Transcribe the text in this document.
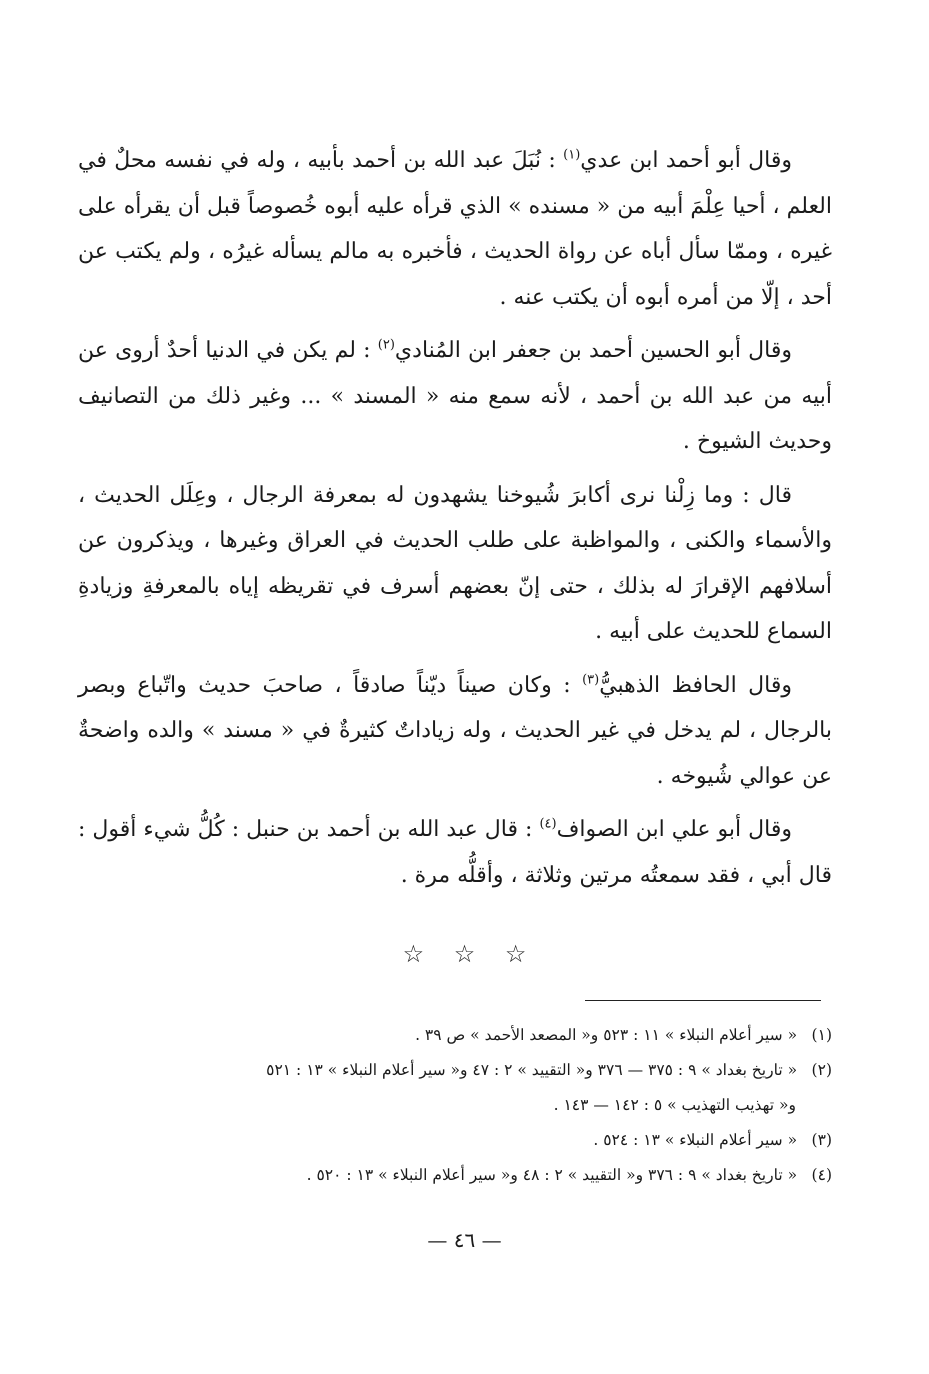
وقال أبو أحمد ابن عدي$^{(١)}$ : نُبَلَ عبد الله بن أحمد بأبيه ، وله في نفسه محلٌ في العلم ، أحيا عِلْمَ أبيه من « مسنده » الذي قرأه عليه أبوه خُصوصاً قبل أن يقرأه على غيره ، وممّا سأل أباه عن رواة الحديث ، فأخبره به مالم يسأله غيرُه ، ولم يكتب عن أحد ، إلّا من أمره أبوه أن يكتب عنه .

وقال أبو الحسين أحمد بن جعفر ابن المُنادي$^{(٢)}$ : لم يكن في الدنيا أحدٌ أروى عن أبيه من عبد الله بن أحمد ، لأنه سمع منه « المسند » ... وغير ذلك من التصانيف وحديث الشيوخ .

قال : وما زِلْنا نرى أكابرَ شُيوخنا يشهدون له بمعرفة الرجال ، وعِلَل الحديث ، والأسماء والكنى ، والمواظبة على طلب الحديث في العراق وغيرها ، ويذكرون عن أسلافهم الإقرارَ له بذلك ، حتى إنّ بعضهم أسرف في تقريظه إياه بالمعرفةِ وزيادةِ السماع للحديث على أبيه .

وقال الحافظ الذهبيُّ$^{(٣)}$ : وكان صيناً ديّناً صادقاً ، صاحبَ حديث واتّباع وبصر بالرجال ، لم يدخل في غير الحديث ، وله زياداتٌ كثيرةٌ في « مسند » والده واضحةٌ عن عوالي شُيوخه .

وقال أبو علي ابن الصواف$^{(٤)}$ : قال عبد الله بن أحمد بن حنبل : كُلُّ شيء أقول : قال أبي ، فقد سمعتُه مرتين وثلاثة ، وأقلُّه مرة .

☆ ☆ ☆

(١) « سير أعلام النبلاء » ١١ : ٥٢٣ و« المصعد الأحمد » ص ٣٩ .

(٢) « تاريخ بغداد » ٩ : ٣٧٥ — ٣٧٦ و« التقييد » ٢ : ٤٧ و« سير أعلام النبلاء » ١٣ : ٥٢١

و« تهذيب التهذيب » ٥ : ١٤٢ — ١٤٣ .

(٣) « سير أعلام النبلاء » ١٣ : ٥٢٤ .

(٤) « تاريخ بغداد » ٩ : ٣٧٦ و« التقييد » ٢ : ٤٨ و« سير أعلام النبلاء » ١٣ : ٥٢٠ .

— ٤٦ —
